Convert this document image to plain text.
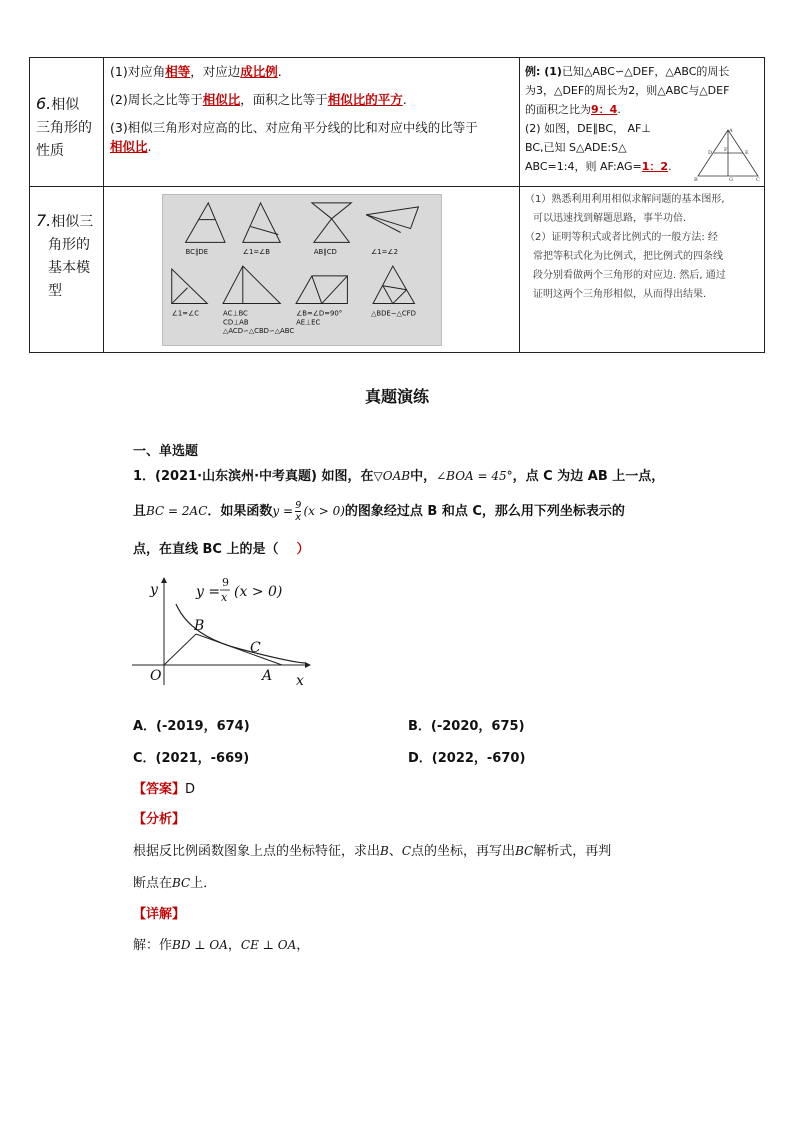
6.相似
三角形的
性质

(1)对应角相等，对应边成比例.

(2)周长之比等于相似比，面积之比等于相似比的平方.

(3)相似三角形对应高的比、对应角平分线的比和对应中线的比等于
相似比.

例: (1)已知△ABC∽△DEF，△ABC的周长
为3，△DEF的周长为2，则△ABC与△DEF
的面积之比为9：4.
(2) 如图，DE∥BC， AF⊥
BC,已知 S△ADE:S△
ABC=1:4，则 AF:AG=1：2.
A
D	E
B
F
C
G
7.相似三
角形的
基本模
型
BC∥DE	∠1=∠B	AB∥CD	∠1=∠2
∠1=∠C	AC⊥BC
CD⊥AB
△ACD∽△CBD∽△ABC
∠B=∠D=90°
AE⊥EC
△BDE∽△CFD
（1）熟悉利用利用相似求解问题的基本图形,
可以迅速找到解题思路，事半功倍.
（2）证明等积式或者比例式的一般方法: 经
常把等积式化为比例式，把比例式的四条线
段分别看做两个三角形的对应边. 然后, 通过
证明这两个三角形相似，从而得出结果.
真题演练
一、单选题
1．(2021·山东滨州·中考真题) 如图，在▽OAB中，∠BOA = 45°，点 C 为边 AB 上一点，
且BC = 2AC．如果函数$y = \frac{9}{x} (x > 0)$的图象经过点 B 和点 C，那么用下列坐标表示的
点，在直线 BC 上的是（ ）
y
x
O	A
B
C
y =
9
x (x > 0)
A．(-2019，674)	B．(-2020，675)
C．(2021，-669)	D．(2022，-670)
【答案】D
【分析】
根据反比例函数图象上点的坐标特征，求出B、C点的坐标，再写出BC解析式，再判
断点在BC上．
【详解】
解：作BD ⊥ OA，CE ⊥ OA，
